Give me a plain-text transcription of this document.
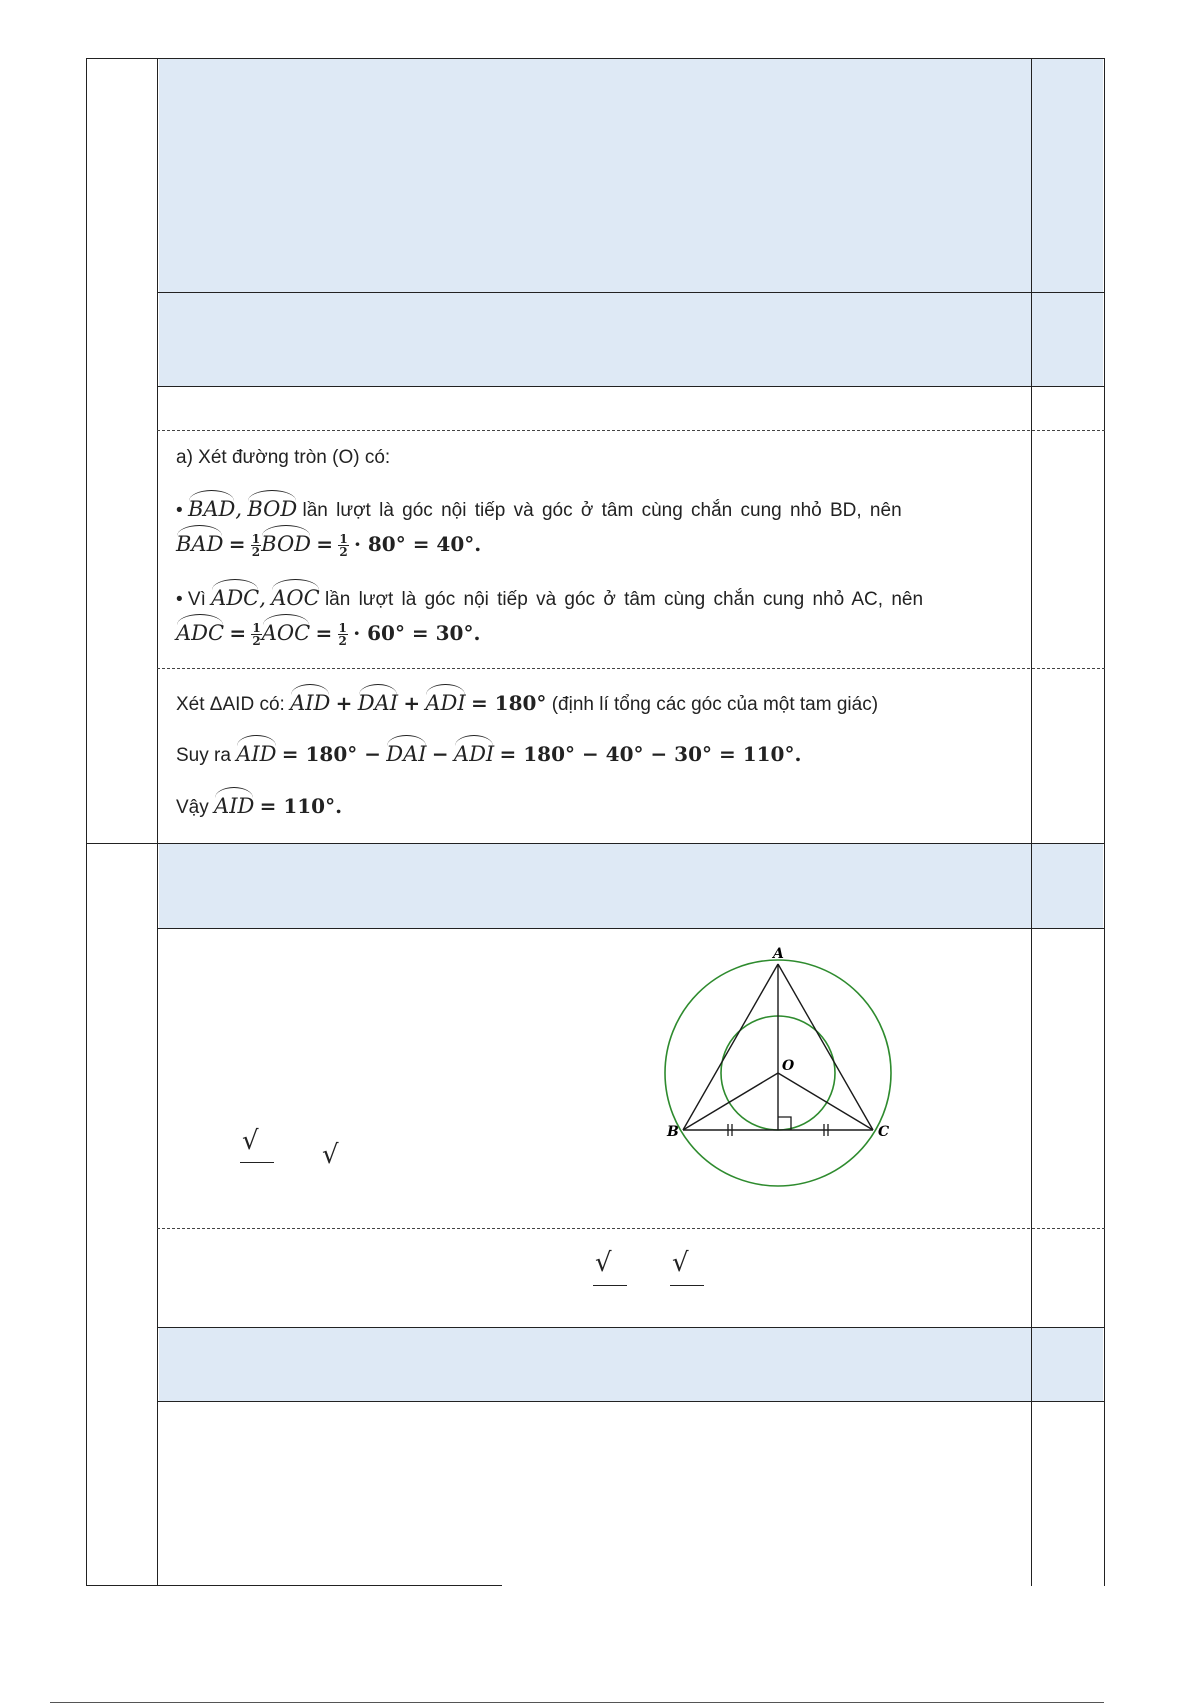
a) Xét đường tròn (O) có:
• BAD, BOD lần lượt là góc nội tiếp và góc ở tâm cùng chắn cung nhỏ BD, nên
BAD = $\frac{1}{2}$ BOD = $\frac{1}{2} \cdot 80^\circ = 40^\circ$.
• Vì ADC, AOC lần lượt là góc nội tiếp và góc ở tâm cùng chắn cung nhỏ AC, nên
ADC = $\frac{1}{2}$ AOC = $\frac{1}{2} \cdot 60^\circ = 30^\circ$.
Xét ΔAID có: AID + DAI + ADI = 180° (định lí tổng các góc của một tam giác)
Suy ra AID = 180° − DAI − ADI = 180° − 40° − 30° = 110°.
Vậy AID = 110°.
√ √
√ √
A
O
B	C
